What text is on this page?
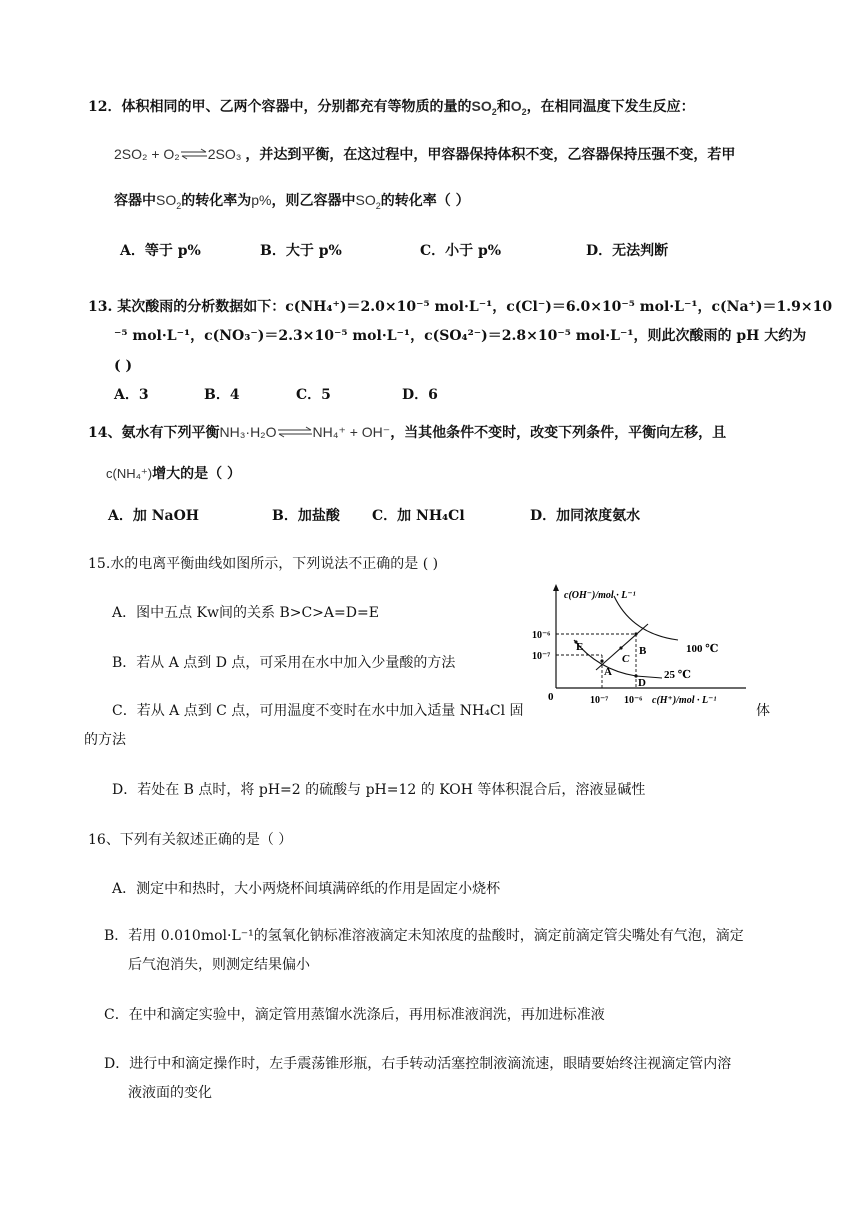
12．体积相同的甲、乙两个容器中，分别都充有等物质的量的$SO_2$和$O_2$，在相同温度下发生反应：
2SO₂ + O₂⇌2SO₃ ，并达到平衡，在这过程中，甲容器保持体积不变，乙容器保持压强不变，若甲
容器中$SO_2$的转化率为p%，则乙容器中$SO_2$的转化率（ ）
A．等于 p%	B．大于 p%	C．小于 p%	D．无法判断
13. 某次酸雨的分析数据如下：c(NH₄⁺)＝2.0×10⁻⁵ mol·L⁻¹，c(Cl⁻)＝6.0×10⁻⁵ mol·L⁻¹，c(Na⁺)＝1.9×10
⁻⁵ mol·L⁻¹，c(NO₃⁻)＝2.3×10⁻⁵ mol·L⁻¹，c(SO₄²⁻)＝2.8×10⁻⁵ mol·L⁻¹，则此次酸雨的 pH 大约为
( )
A．3	B．4	C．5	D．6
14、氨水有下列平衡NH₃·H₂O⇌NH₄⁺ + OH⁻，当其他条件不变时，改变下列条件，平衡向左移，且
c(NH₄⁺)增大的是（ ）
A．加 NaOH	B．加盐酸 C．加 NH₄Cl	D．加同浓度氨水
15.水的电离平衡曲线如图所示，下列说法不正确的是 ( )
A．图中五点 Kw间的关系 B>C>A=D=E
B．若从 A 点到 D 点，可采用在水中加入少量酸的方法
C．若从 A 点到 C 点，可用温度不变时在水中加入适量 NH₄Cl 固	体
的方法
D．若处在 B 点时，将 pH=2 的硫酸与 pH=12 的 KOH 等体积混合后，溶液显碱性
c(OH⁻)/mol · L⁻¹
c(H⁺)/mol · L⁻¹
0
10⁻⁶
10⁻⁷
10⁻⁷ 10⁻⁶
100 ℃
25 ℃
A
B
C
D
E
16、下列有关叙述正确的是（ ）
A．测定中和热时，大小两烧杯间填满碎纸的作用是固定小烧杯
B．若用 0.010mol·L⁻¹的氢氧化钠标准溶液滴定未知浓度的盐酸时，滴定前滴定管尖嘴处有气泡，滴定
后气泡消失，则测定结果偏小
C．在中和滴定实验中，滴定管用蒸馏水洗涤后，再用标准液润洗，再加进标准液
D．进行中和滴定操作时，左手震荡锥形瓶，右手转动活塞控制液滴流速，眼睛要始终注视滴定管内溶
液液面的变化
